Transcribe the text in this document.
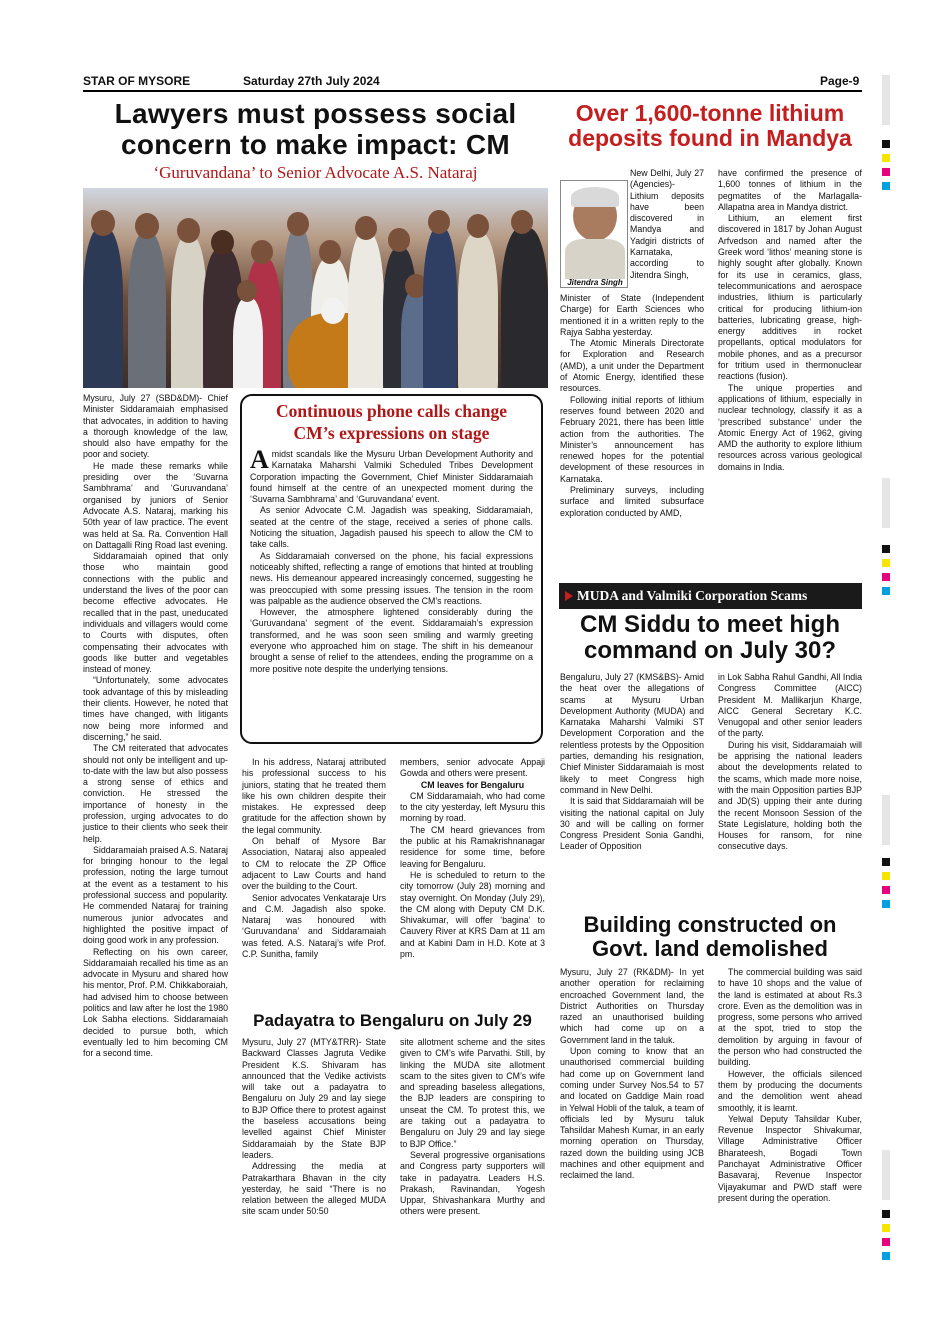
STAR OF MYSORE	Saturday 27th July 2024	Page-9
Lawyers must possess social
concern to make impact: CM
‘Guruvandana’ to Senior Advocate A.S. Nataraj

Mysuru, July 27 (SBD&DM)- Chief Minister Siddaramaiah emphasised that advocates, in addition to having a thorough knowledge of the law, should also have empathy for the poor and society.

He made these remarks while presiding over the ‘Suvarna Sambhrama’ and ‘Guruvandana’ organised by juniors of Senior Advocate A.S. Nataraj, marking his 50th year of law practice. The event was held at Sa. Ra. Convention Hall on Dattagalli Ring Road last evening.

Siddaramaiah opined that only those who maintain good connections with the public and understand the lives of the poor can become effective advocates. He recalled that in the past, uneducated individuals and villagers would come to Courts with disputes, often compensating their advocates with goods like butter and vegetables instead of money.

“Unfortunately, some advocates took advantage of this by misleading their clients. However, he noted that times have changed, with litigants now being more informed and discerning,” he said.

The CM reiterated that advocates should not only be intelligent and up-to-date with the law but also possess a strong sense of ethics and conviction. He stressed the importance of honesty in the profession, urging advocates to do justice to their clients who seek their help.

Siddaramaiah praised A.S. Nataraj for bringing honour to the legal profession, noting the large turnout at the event as a testament to his professional success and popularity. He commended Nataraj for training numerous junior advocates and highlighted the positive impact of doing good work in any profession.

Reflecting on his own career, Siddaramaiah recalled his time as an advocate in Mysuru and shared how his mentor, Prof. P.M. Chikkaboraiah, had advised him to choose between politics and law after he lost the 1980 Lok Sabha elections. Siddaramaiah decided to pursue both, which eventually led to him becoming CM for a second time.

Continuous phone calls change
CM’s expressions on stage

Amidst scandals like the Mysuru Urban Development Authority and Karnataka Maharshi Valmiki Scheduled Tribes Development Corporation impacting the Government, Chief Minister Siddaramaiah found himself at the centre of an unexpected moment during the ‘Suvarna Sambhrama’ and ‘Guruvandana’ event.

As senior Advocate C.M. Jagadish was speaking, Siddaramaiah, seated at the centre of the stage, received a series of phone calls. Noticing the situation, Jagadish paused his speech to allow the CM to take calls.

As Siddaramaiah conversed on the phone, his facial expressions noticeably shifted, reflecting a range of emotions that hinted at troubling news. His demeanour appeared increasingly concerned, suggesting he was preoccupied with some pressing issues. The tension in the room was palpable as the audience observed the CM’s reactions.

However, the atmosphere lightened considerably during the ‘Guruvandana’ segment of the event. Siddaramaiah’s expression transformed, and he was soon seen smiling and warmly greeting everyone who approached him on stage. The shift in his demeanour brought a sense of relief to the attendees, ending the programme on a more positive note despite the underlying tensions.

In his address, Nataraj attributed his professional success to his juniors, stating that he treated them like his own children despite their mistakes. He expressed deep gratitude for the affection shown by the legal community.

On behalf of Mysore Bar Association, Nataraj also appealed to CM to relocate the ZP Office adjacent to Law Courts and hand over the building to the Court.

Senior advocates Venkataraje Urs and C.M. Jagadish also spoke. Nataraj was honoured with ‘Guruvandana’ and Siddaramaiah was feted. A.S. Nataraj’s wife Prof. C.P. Sunitha, family

members, senior advocate Appaji Gowda and others were present.

CM leaves for Bengaluru

CM Siddaramaiah, who had come to the city yesterday, left Mysuru this morning by road.

The CM heard grievances from the public at his Ramakrishnanagar residence for some time, before leaving for Bengaluru.

He is scheduled to return to the city tomorrow (July 28) morning and stay overnight. On Monday (July 29), the CM along with Deputy CM D.K. Shivakumar, will offer ‘bagina’ to Cauvery River at KRS Dam at 11 am and at Kabini Dam in H.D. Kote at 3 pm.

Padayatra to Bengaluru on July 29

Mysuru, July 27 (MTY&TRR)- State Backward Classes Jagruta Vedike President K.S. Shivaram has announced that the Vedike activists will take out a padayatra to Bengaluru on July 29 and lay siege to BJP Office there to protest against the baseless accusations being levelled against Chief Minister Siddaramaiah by the State BJP leaders.

Addressing the media at Patrakarthara Bhavan in the city yesterday, he said “There is no relation between the alleged MUDA site scam under 50:50

site allotment scheme and the sites given to CM’s wife Parvathi. Still, by linking the MUDA site allotment scam to the sites given to CM’s wife and spreading baseless allegations, the BJP leaders are conspiring to unseat the CM. To protest this, we are taking out a padayatra to Bengaluru on July 29 and lay siege to BJP Office.”

Several progressive organisations and Congress party supporters will take in padayatra. Leaders H.S. Prakash, Ravinandan, Yogesh Uppar, Shivashankara Murthy and others were present.

Over 1,600-tonne lithium
deposits found in Mandya
Jitendra Singh
New Delhi, July 27 (Agencies)- Lithium deposits have been discovered in Mandya and Yadgiri districts of Karnataka, according to Jitendra Singh,

Minister of State (Independent Charge) for Earth Sciences who mentioned it in a written reply to the Rajya Sabha yesterday.

The Atomic Minerals Directorate for Exploration and Research (AMD), a unit under the Department of Atomic Energy, identified these resources.

Following initial reports of lithium reserves found between 2020 and February 2021, there has been little action from the authorities. The Minister’s announcement has renewed hopes for the potential development of these resources in Karnataka.

Preliminary surveys, including surface and limited subsurface exploration conducted by AMD,

have confirmed the presence of 1,600 tonnes of lithium in the pegmatites of the Marlagalla-Allapatna area in Mandya district.

Lithium, an element first discovered in 1817 by Johan August Arfvedson and named after the Greek word ‘lithos’ meaning stone is highly sought after globally. Known for its use in ceramics, glass, telecommunications and aerospace industries, lithium is particularly critical for producing lithium-ion batteries, lubricating grease, high-energy additives in rocket propellants, optical modulators for mobile phones, and as a precursor for tritium used in thermonuclear reactions (fusion).

The unique properties and applications of lithium, especially in nuclear technology, classify it as a ‘prescribed substance’ under the Atomic Energy Act of 1962, giving AMD the authority to explore lithium resources across various geological domains in India.

MUDA and Valmiki Corporation Scams
CM Siddu to meet high
command on July 30?

Bengaluru, July 27 (KMS&BS)- Amid the heat over the allegations of scams at Mysuru Urban Development Authority (MUDA) and Karnataka Maharshi Valmiki ST Development Corporation and the relentless protests by the Opposition parties, demanding his resignation, Chief Minister Siddaramaiah is most likely to meet Congress high command in New Delhi.

It is said that Siddaramaiah will be visiting the national capital on July 30 and will be calling on former Congress President Sonia Gandhi, Leader of Opposition

in Lok Sabha Rahul Gandhi, All India Congress Committee (AICC) President M. Mallikarjun Kharge, AICC General Secretary K.C. Venugopal and other senior leaders of the party.

During his visit, Siddaramaiah will be apprising the national leaders about the developments related to the scams, which made more noise, with the main Opposition parties BJP and JD(S) upping their ante during the recent Monsoon Session of the State Legislature, holding both the Houses for ransom, for nine consecutive days.

Building constructed on
Govt. land demolished

Mysuru, July 27 (RK&DM)- In yet another operation for reclaiming encroached Government land, the District Authorities on Thursday razed an unauthorised building which had come up on a Government land in the taluk.

Upon coming to know that an unauthorised commercial building had come up on Government land coming under Survey Nos.54 to 57 and located on Gaddige Main road in Yelwal Hobli of the taluk, a team of officials led by Mysuru taluk Tahsildar Mahesh Kumar, in an early morning operation on Thursday, razed down the building using JCB machines and other equipment and reclaimed the land.

The commercial building was said to have 10 shops and the value of the land is estimated at about Rs.3 crore. Even as the demolition was in progress, some persons who arrived at the spot, tried to stop the demolition by arguing in favour of the person who had constructed the building.

However, the officials silenced them by producing the documents and the demolition went ahead smoothly, it is learnt.

Yelwal Deputy Tahsildar Kuber, Revenue Inspector Shivakumar, Village Administrative Officer Bharateesh, Bogadi Town Panchayat Administrative Officer Basavaraj, Revenue Inspector Vijayakumar and PWD staff were present during the operation.
